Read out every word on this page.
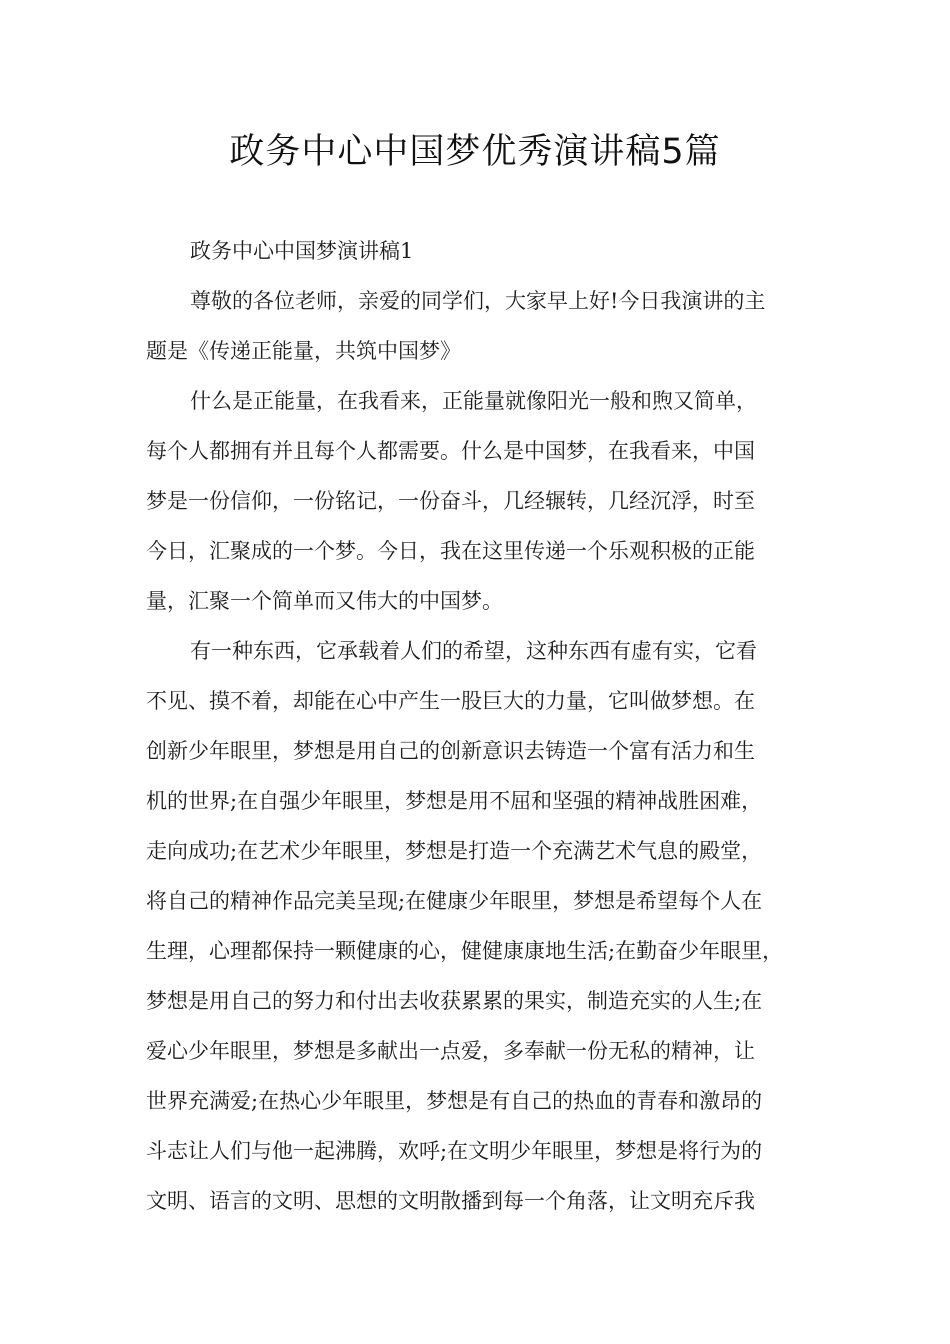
政务中心中国梦优秀演讲稿5篇
政务中心中国梦演讲稿1
尊敬的各位老师，亲爱的同学们，大家早上好!今日我演讲的主
题是《传递正能量，共筑中国梦》
什么是正能量，在我看来，正能量就像阳光一般和煦又简单，
每个人都拥有并且每个人都需要。什么是中国梦，在我看来，中国
梦是一份信仰，一份铭记，一份奋斗，几经辗转，几经沉浮，时至
今日，汇聚成的一个梦。今日，我在这里传递一个乐观积极的正能
量，汇聚一个简单而又伟大的中国梦。
有一种东西，它承载着人们的希望，这种东西有虚有实，它看
不见、摸不着，却能在心中产生一股巨大的力量，它叫做梦想。在
创新少年眼里，梦想是用自己的创新意识去铸造一个富有活力和生
机的世界;在自强少年眼里，梦想是用不屈和坚强的精神战胜困难，
走向成功;在艺术少年眼里，梦想是打造一个充满艺术气息的殿堂，
将自己的精神作品完美呈现;在健康少年眼里，梦想是希望每个人在
生理，心理都保持一颗健康的心，健健康康地生活;在勤奋少年眼里，
梦想是用自己的努力和付出去收获累累的果实，制造充实的人生;在
爱心少年眼里，梦想是多献出一点爱，多奉献一份无私的精神，让
世界充满爱;在热心少年眼里，梦想是有自己的热血的青春和激昂的
斗志让人们与他一起沸腾，欢呼;在文明少年眼里，梦想是将行为的
文明、语言的文明、思想的文明散播到每一个角落，让文明充斥我
